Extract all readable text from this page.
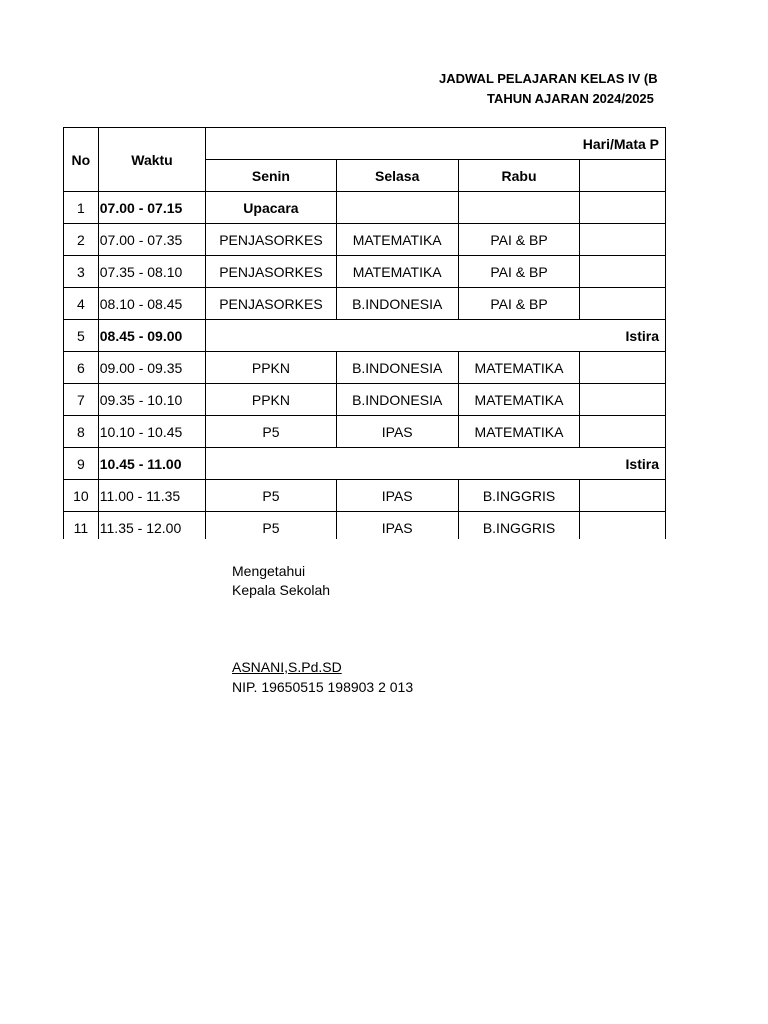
JADWAL PELAJARAN KELAS IV (B
TAHUN AJARAN 2024/2025
No	Waktu	Hari/Mata P			
		Senin	Selasa	Rabu	
1	07.00 - 07.15	Upacara			
2	07.00 - 07.35	PENJASORKES	MATEMATIKA	PAI & BP	
3	07.35 - 08.10	PENJASORKES	MATEMATIKA	PAI & BP	
4	08.10 - 08.45	PENJASORKES	B.INDONESIA	PAI & BP	
5	08.45 - 09.00	Istira			
6	09.00 - 09.35	PPKN	B.INDONESIA	MATEMATIKA	
7	09.35 - 10.10	PPKN	B.INDONESIA	MATEMATIKA	
8	10.10 - 10.45	P5	IPAS	MATEMATIKA	
9	10.45 - 11.00	Istira			
10	11.00 - 11.35	P5	IPAS	B.INGGRIS	
11	11.35 - 12.00	P5	IPAS	B.INGGRIS	
Mengetahui
Kepala Sekolah
ASNANI,S.Pd.SD
NIP. 19650515 198903 2 013
